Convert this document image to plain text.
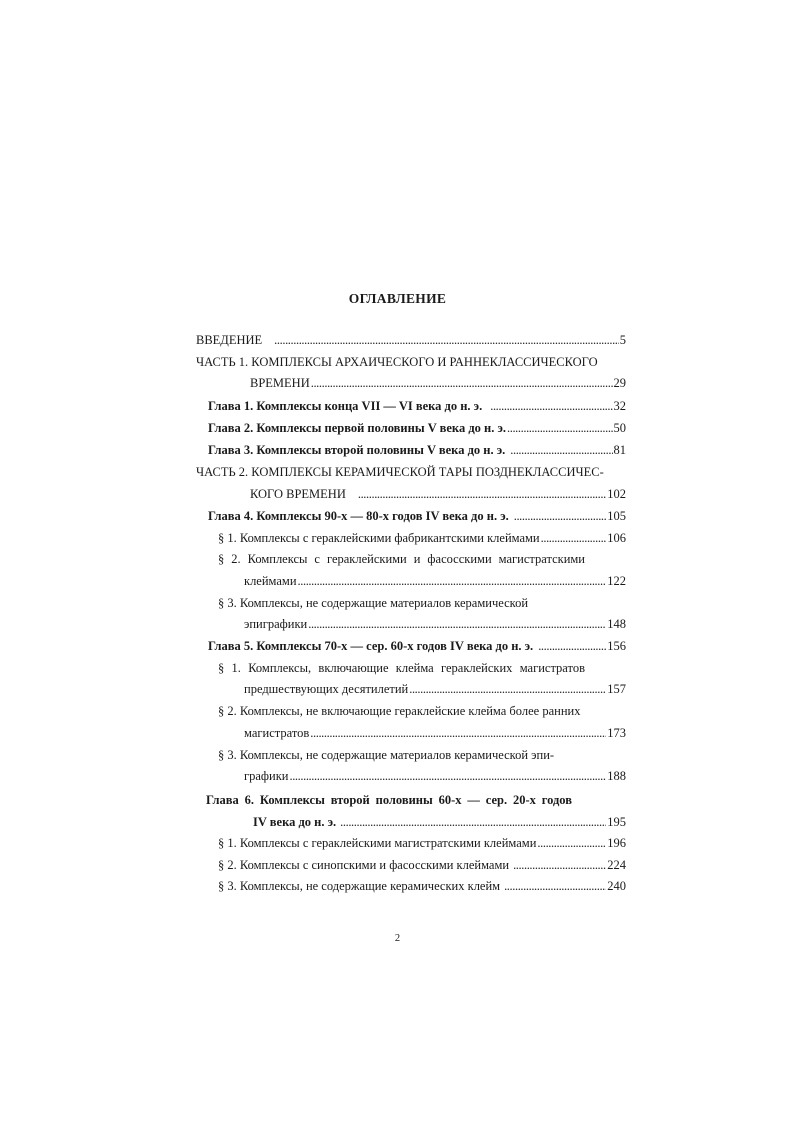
ОГЛАВЛЕНИЕ
ВВЕДЕНИЕ .....	5
ЧАСТЬ 1. КОМПЛЕКСЫ АРХАИЧЕСКОГО И РАННЕКЛАССИЧЕСКОГО
ВРЕМЕНИ .....	29
Глава 1. Комплексы конца VII — VI века до н. э. .....	32
Глава 2. Комплексы первой половины V века до н. э. .....	50
Глава 3. Комплексы второй половины V века до н. э. .....	81
ЧАСТЬ 2. КОМПЛЕКСЫ КЕРАМИЧЕСКОЙ ТАРЫ ПОЗДНЕКЛАССИЧЕС-
КОГО ВРЕМЕНИ .....	102
Глава 4. Комплексы 90-х — 80-х годов IV века до н. э. .....	105
§ 1. Комплексы с гераклейскими фабрикантскими клеймами .....	106
§ 2. Комплексы с гераклейскими и фасосскими магистратскими
клеймами .....	122
§ 3. Комплексы, не содержащие материалов керамической
эпиграфики .....	148
Глава 5. Комплексы 70-х — сер. 60-х годов IV века до н. э. .....	156
§ 1. Комплексы, включающие клейма гераклейских магистратов
предшествующих десятилетий .....	157
§ 2. Комплексы, не включающие гераклейские клейма более ранних
магистратов .....	173
§ 3. Комплексы, не содержащие материалов керамической эпи-
графики .....	188
Глава 6. Комплексы второй половины 60-х — сер. 20-х годов
IV века до н. э. .....	195
§ 1. Комплексы с гераклейскими магистратскими клеймами .....	196
§ 2. Комплексы с синопскими и фасосскими клеймами .....	224
§ 3. Комплексы, не содержащие керамических клейм .....	240
2
